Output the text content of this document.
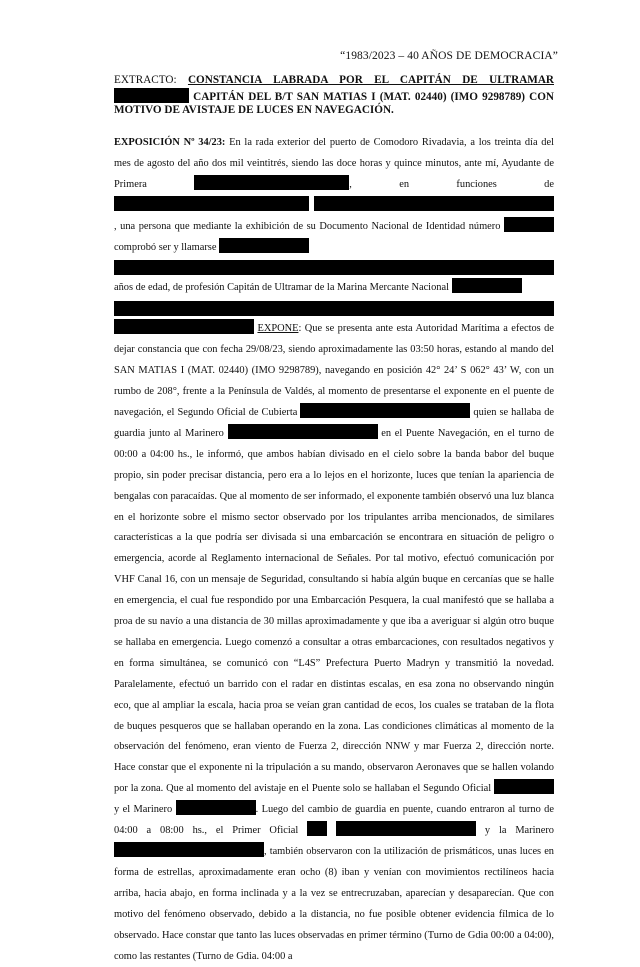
“1983/2023 – 40 AÑOS DE DEMOCRACIA”
EXTRACTO: CONSTANCIA LABRADA POR EL CAPITÁN DE ULTRAMAR  CAPITÁN DEL B/T SAN MATIAS I (MAT. 02440) (IMO 9298789) CON MOTIVO DE AVISTAJE DE LUCES EN NAVEGACIÓN.
EXPOSICIÓN Nº 34/23: En la rada exterior del puerto de Comodoro Rivadavia, a los treinta día del mes de agosto del año dos mil veintitrés, siendo las doce horas y quince minutos, ante mí, Ayudante de Primera	, en funciones de  , una persona que mediante la exhibición de su Documento Nacional de Identidad número  comprobó ser y llamarse
años de edad, de profesión Capitán de Ultramar de la Marina Mercante Nacional
EXPONE: Que se presenta ante esta Autoridad Marítima a efectos de dejar constancia que con fecha 29/08/23, siendo aproximadamente las 03:50 horas, estando al mando del SAN MATIAS I (MAT. 02440) (IMO 9298789), navegando en posición 42° 24’ S 062° 43’ W, con un rumbo de 208°, frente a la Península de Valdés, al momento de presentarse el exponente en el puente de navegación, el Segundo Oficial de Cubierta	quien se hallaba de guardia junto al Marinero	en el Puente Navegación, en el turno de 00:00 a 04:00 hs., le informó, que ambos habían divisado en el cielo sobre la banda babor del buque propio, sin poder precisar distancia, pero era a lo lejos en el horizonte, luces que tenían la apariencia de bengalas con paracaídas. Que al momento de ser informado, el exponente también observó una luz blanca en el horizonte sobre el mismo sector observado por los tripulantes arriba mencionados, de similares características a la que podría ser divisada si una embarcación se encontrara en situación de peligro o emergencia, acorde al Reglamento internacional de Señales. Por tal motivo, efectuó comunicación por VHF Canal 16, con un mensaje de Seguridad, consultando si había algún buque en cercanías que se halle en emergencia, el cual fue respondido por una Embarcación Pesquera, la cual manifestó que se hallaba a proa de su navío a una distancia de 30 millas aproximadamente y que iba a averiguar si algún otro buque se hallaba en emergencia. Luego comenzó a consultar a otras embarcaciones, con resultados negativos y en forma simultánea, se comunicó con “L4S” Prefectura Puerto Madryn y transmitió la novedad. Paralelamente, efectuó un barrido con el radar en distintas escalas, en esa zona no observando ningún eco, que al ampliar la escala, hacia proa se veían gran cantidad de ecos, los cuales se trataban de la flota de buques pesqueros que se hallaban operando en la zona. Las condiciones climáticas al momento de la observación del fenómeno, eran viento de Fuerza 2, dirección NNW y mar Fuerza 2, dirección norte. Hace constar que el exponente ni la tripulación a su mando, observaron Aeronaves que se hallen volando por la zona. Que al momento del avistaje en el Puente solo se hallaban el Segundo Oficial  y el Marinero	. Luego del cambio de guardia en puente, cuando entraron al turno de 04:00 a 08:00 hs., el Primer Oficial	y la Marinero , también observaron con la utilización de prismáticos, unas luces en forma de estrellas, aproximadamente eran ocho (8) iban y venían con movimientos rectilíneos hacia arriba, hacia abajo, en forma inclinada y a la vez se entrecruzaban, aparecían y desaparecían. Que con motivo del fenómeno observado, debido a la distancia, no fue posible obtener evidencia fílmica de lo observado. Hace constar que tanto las luces observadas en primer término (Turno de Gdia 00:00 a 04:00), como las restantes (Turno de Gdia. 04:00 a
